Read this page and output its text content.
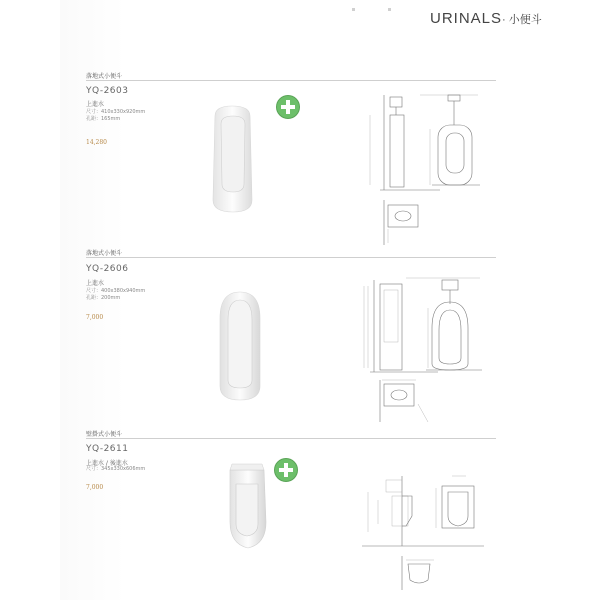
URINALS· 小便斗
落地式小便斗
YQ-2603
上進水
尺寸：410x330x920mm
孔距：165mm
14,280
落地式小便斗
YQ-2606
上進水
尺寸：400x380x940mm
孔距：200mm
7,000
壁掛式小便斗
YQ-2611
上進水 / 後進水
尺寸：345x330x606mm
7,000
